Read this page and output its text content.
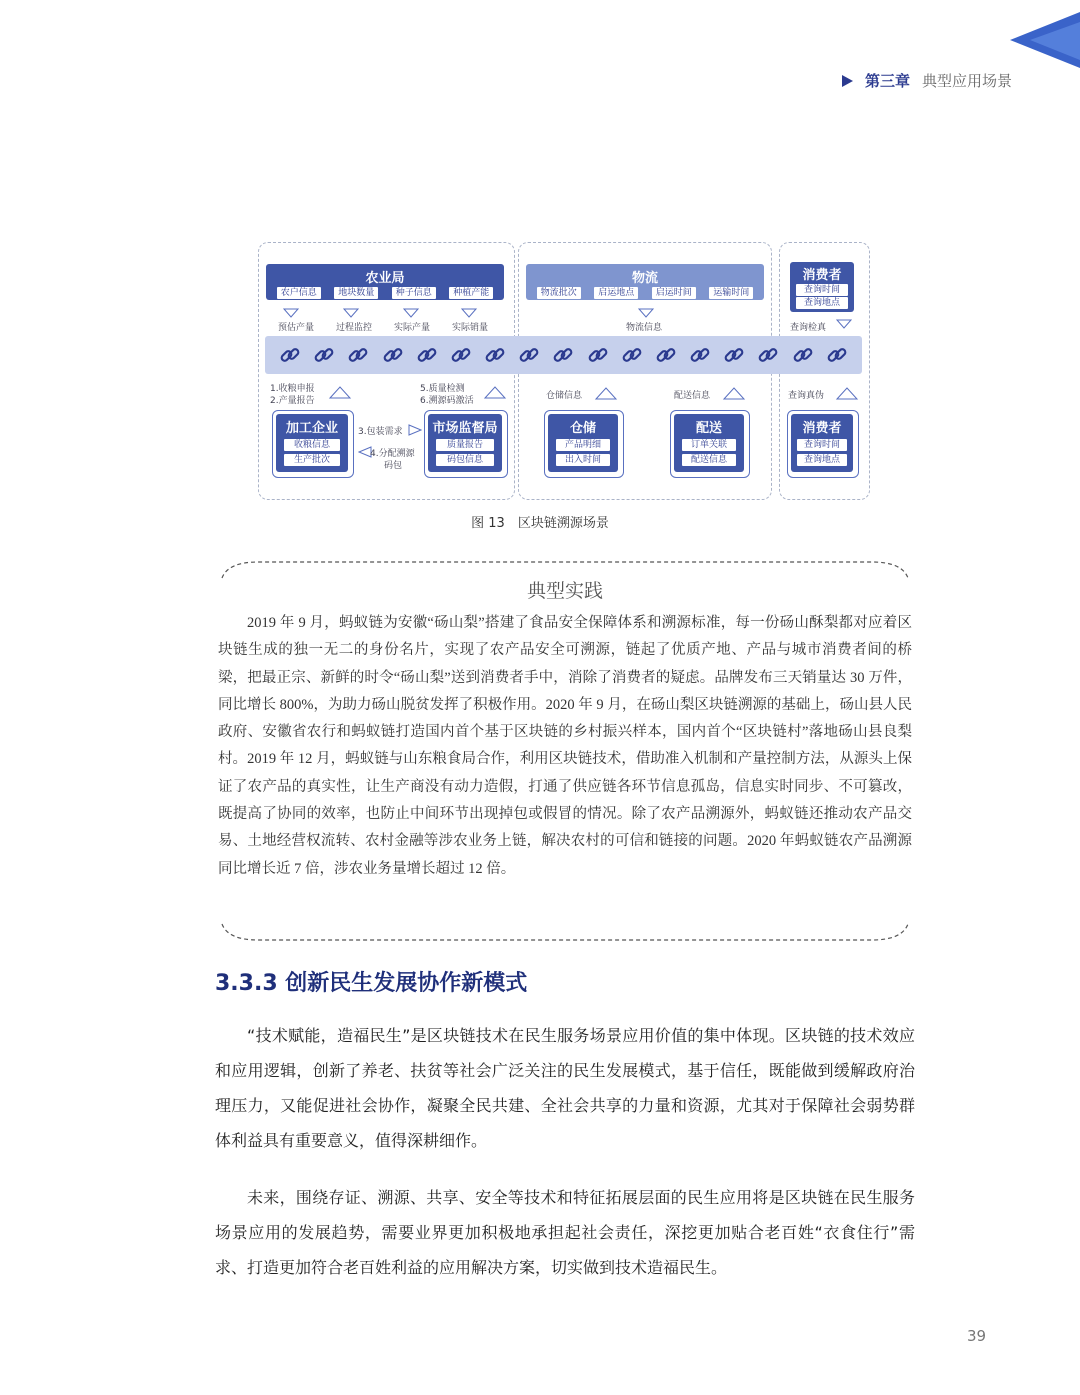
第三章 典型应用场景
农业局
农户信息	地块数量	种子信息	种植产能
物流
物流批次	启运地点	启运时间	运输时间
消费者
查询时间
查询地点
预估产量 过程监控 实际产量 实际销量	物流信息	查询检真
1.收粮申报
2.产量报告
5.质量检测
6.溯源码激活	仓储信息	配送信息	查询真伪
加工企业
收粮信息
生产批次
3.包装需求
4.分配溯源
码包
市场监督局
质量报告
码包信息
仓储
产品明细
出入时间
配送
订单关联
配送信息
消费者
查询时间
查询地点
图 13　区块链溯源场景
典型实践

2019 年 9 月，蚂蚁链为安徽“砀山梨”搭建了食品安全保障体系和溯源标准，每一份砀山酥梨都对应着区块链生成的独一无二的身份名片，实现了农产品安全可溯源，链起了优质产地、产品与城市消费者间的桥梁，把最正宗、新鲜的时令“砀山梨”送到消费者手中，消除了消费者的疑虑。品牌发布三天销量达 30 万件，同比增长 800%，为助力砀山脱贫发挥了积极作用。2020 年 9 月，在砀山梨区块链溯源的基础上，砀山县人民政府、安徽省农行和蚂蚁链打造国内首个基于区块链的乡村振兴样本，国内首个“区块链村”落地砀山县良梨村。2019 年 12 月，蚂蚁链与山东粮食局合作，利用区块链技术，借助准入机制和产量控制方法，从源头上保证了农产品的真实性，让生产商没有动力造假，打通了供应链各环节信息孤岛，信息实时同步、不可篡改，既提高了协同的效率，也防止中间环节出现掉包或假冒的情况。除了农产品溯源外，蚂蚁链还推动农产品交易、土地经营权流转、农村金融等涉农业务上链，解决农村的可信和链接的问题。2020 年蚂蚁链农产品溯源同比增长近 7 倍，涉农业务量增长超过 12 倍。

3.3.3 创新民生发展协作新模式

“技术赋能，造福民生”是区块链技术在民生服务场景应用价值的集中体现。区块链的技术效应和应用逻辑，创新了养老、扶贫等社会广泛关注的民生发展模式，基于信任，既能做到缓解政府治理压力，又能促进社会协作，凝聚全民共建、全社会共享的力量和资源，尤其对于保障社会弱势群体利益具有重要意义，值得深耕细作。

未来，围绕存证、溯源、共享、安全等技术和特征拓展层面的民生应用将是区块链在民生服务场景应用的发展趋势，需要业界更加积极地承担起社会责任，深挖更加贴合老百姓“衣食住行”需求、打造更加符合老百姓利益的应用解决方案，切实做到技术造福民生。

39
